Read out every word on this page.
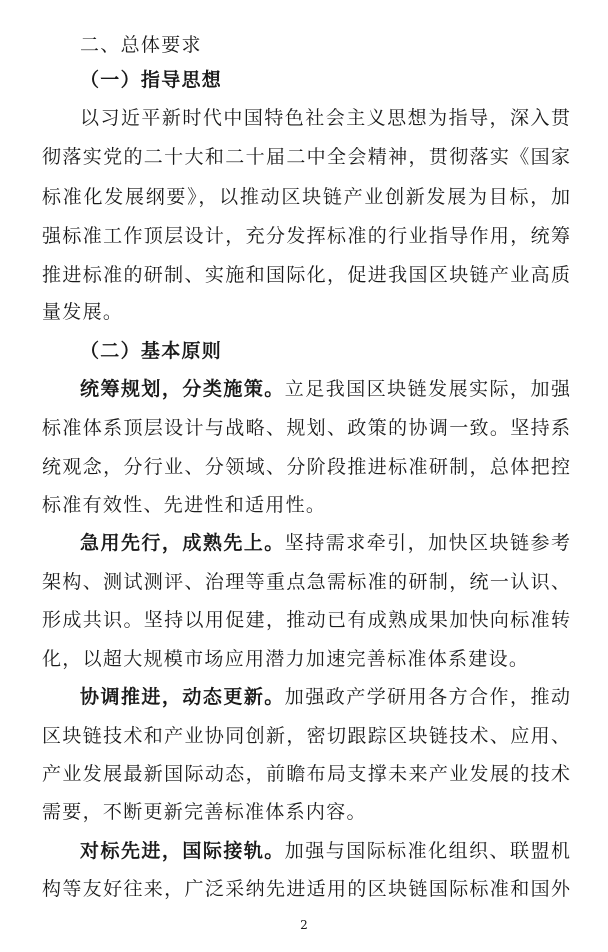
二、总体要求
（一）指导思想
以习近平新时代中国特色社会主义思想为指导，深入贯
彻落实党的二十大和二十届二中全会精神，贯彻落实《国家
标准化发展纲要》，以推动区块链产业创新发展为目标，加
强标准工作顶层设计，充分发挥标准的行业指导作用，统筹
推进标准的研制、实施和国际化，促进我国区块链产业高质
量发展。
（二）基本原则
统筹规划，分类施策。立足我国区块链发展实际，加强
标准体系顶层设计与战略、规划、政策的协调一致。坚持系
统观念，分行业、分领域、分阶段推进标准研制，总体把控
标准有效性、先进性和适用性。
急用先行，成熟先上。坚持需求牵引，加快区块链参考
架构、测试测评、治理等重点急需标准的研制，统一认识、
形成共识。坚持以用促建，推动已有成熟成果加快向标准转
化，以超大规模市场应用潜力加速完善标准体系建设。
协调推进，动态更新。加强政产学研用各方合作，推动
区块链技术和产业协同创新，密切跟踪区块链技术、应用、
产业发展最新国际动态，前瞻布局支撑未来产业发展的技术
需要，不断更新完善标准体系内容。
对标先进，国际接轨。加强与国际标准化组织、联盟机
构等友好往来，广泛采纳先进适用的区块链国际标准和国外
2
